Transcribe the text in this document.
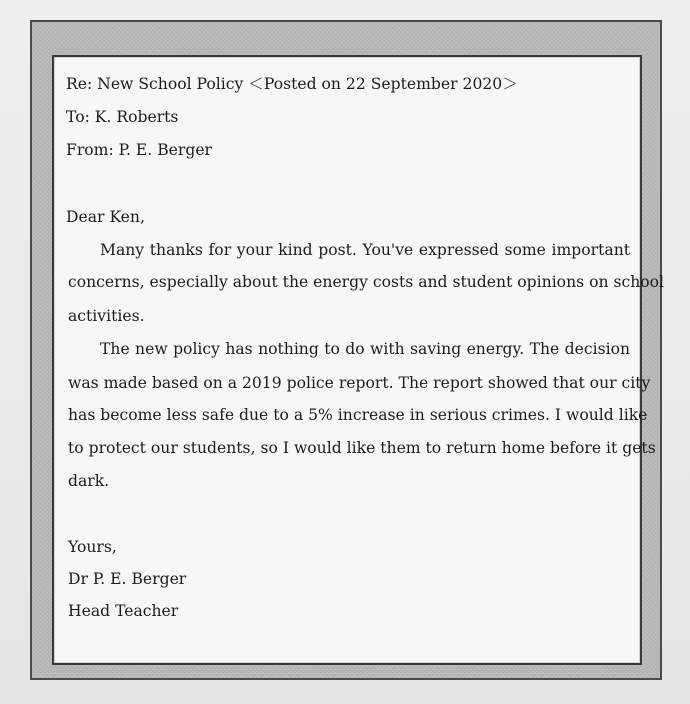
Re: New School Policy ＜Posted on 22 September 2020＞
To: K. Roberts
From: P. E. Berger
Dear Ken,
Many thanks for your kind post. You've expressed some important
concerns, especially about the energy costs and student opinions on school
activities.
The new policy has nothing to do with saving energy. The decision
was made based on a 2019 police report. The report showed that our city
has become less safe due to a 5% increase in serious crimes. I would like
to protect our students, so I would like them to return home before it gets
dark.
Yours,
Dr P. E. Berger
Head Teacher
